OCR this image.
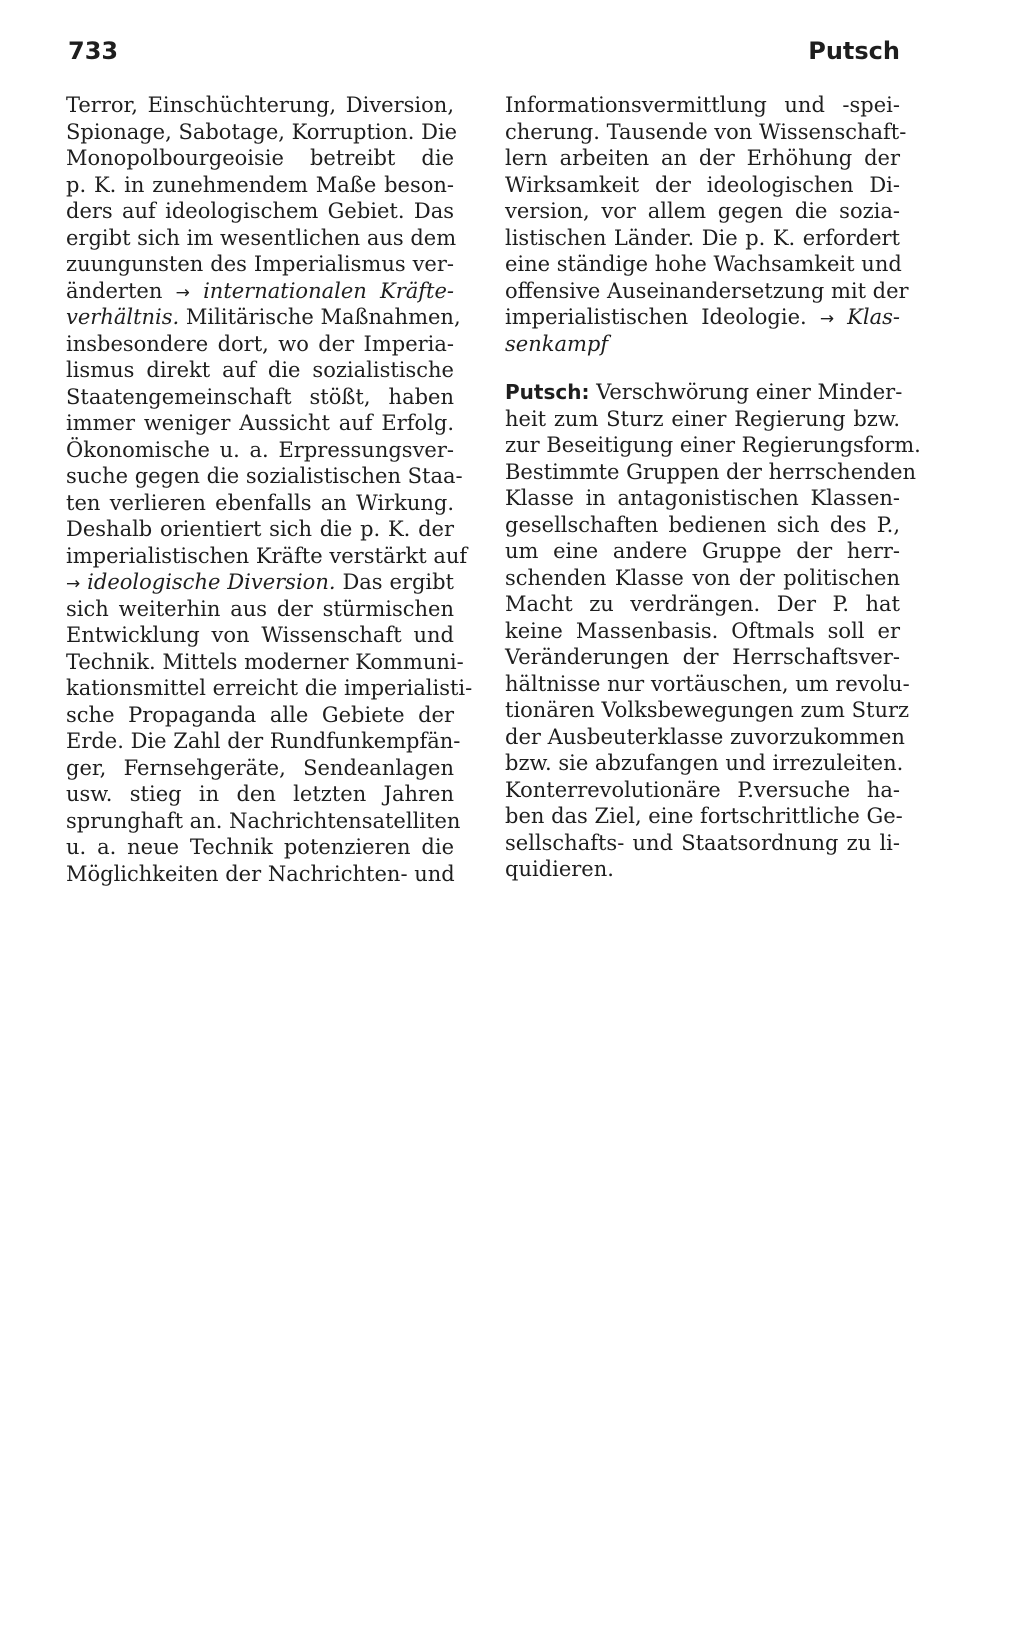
733	Putsch
Terror, Einschüchterung, Diversion,
Spionage, Sabotage, Korruption. Die
Monopolbourgeoisie betreibt die
p. K. in zunehmendem Maße beson-
ders auf ideologischem Gebiet. Das
ergibt sich im wesentlichen aus dem
zuungunsten des Imperialismus ver-
änderten → internationalen Kräfte-
verhältnis. Militärische Maßnahmen,
insbesondere dort, wo der Imperia-
lismus direkt auf die sozialistische
Staatengemeinschaft stößt, haben
immer weniger Aussicht auf Erfolg.
Ökonomische u. a. Erpressungsver-
suche gegen die sozialistischen Staa-
ten verlieren ebenfalls an Wirkung.
Deshalb orientiert sich die p. K. der
imperialistischen Kräfte verstärkt auf
→ ideologische Diversion. Das ergibt
sich weiterhin aus der stürmischen
Entwicklung von Wissenschaft und
Technik. Mittels moderner Kommuni-
kationsmittel erreicht die imperialisti-
sche Propaganda alle Gebiete der
Erde. Die Zahl der Rundfunkempfän-
ger, Fernsehgeräte, Sendeanlagen
usw. stieg in den letzten Jahren
sprunghaft an. Nachrichtensatelliten
u. a. neue Technik potenzieren die
Möglichkeiten der Nachrichten- und
Informationsvermittlung und -spei-
cherung. Tausende von Wissenschaft-
lern arbeiten an der Erhöhung der
Wirksamkeit der ideologischen Di-
version, vor allem gegen die sozia-
listischen Länder. Die p. K. erfordert
eine ständige hohe Wachsamkeit und
offensive Auseinandersetzung mit der
imperialistischen Ideologie. → Klas-
senkampf
Putsch: Verschwörung einer Minder-
heit zum Sturz einer Regierung bzw.
zur Beseitigung einer Regierungsform.
Bestimmte Gruppen der herrschenden
Klasse in antagonistischen Klassen-
gesellschaften bedienen sich des P.,
um eine andere Gruppe der herr-
schenden Klasse von der politischen
Macht zu verdrängen. Der P. hat
keine Massenbasis. Oftmals soll er
Veränderungen der Herrschaftsver-
hältnisse nur vortäuschen, um revolu-
tionären Volksbewegungen zum Sturz
der Ausbeuterklasse zuvorzukommen
bzw. sie abzufangen und irrezuleiten.
Konterrevolutionäre P.versuche ha-
ben das Ziel, eine fortschrittliche Ge-
sellschafts- und Staatsordnung zu li-
quidieren.
